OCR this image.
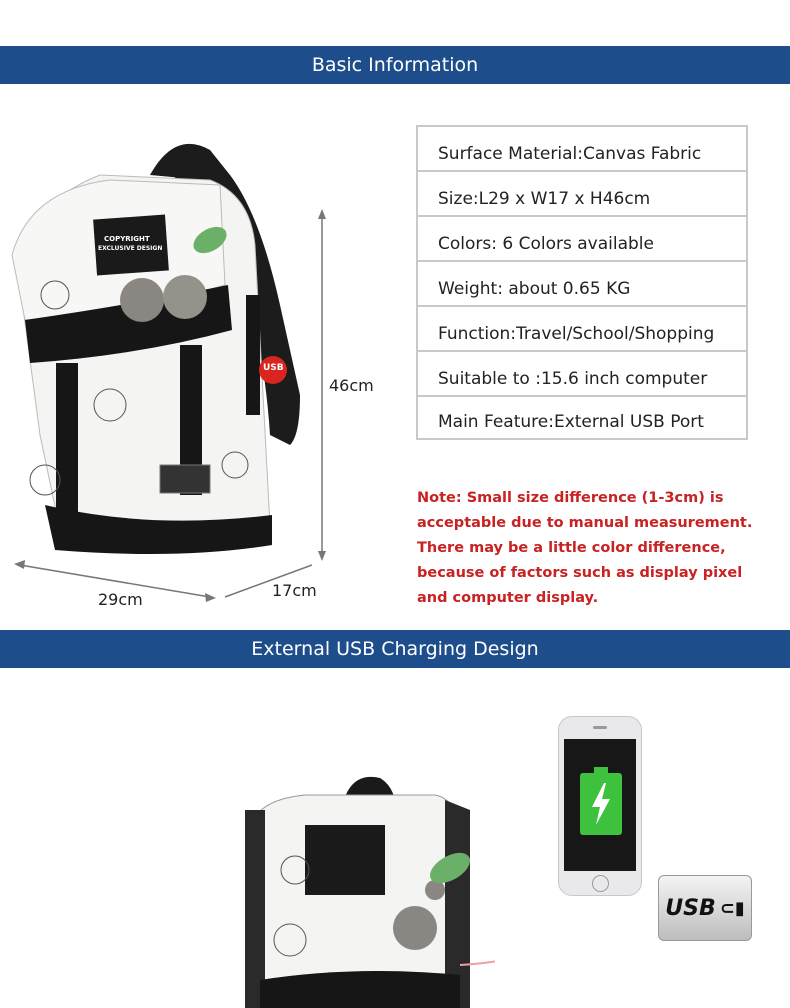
Basic Information
USB
COPYRIGHT
EXCLUSIVE DESIGN
46cm
29cm	17cm
Surface Material:Canvas Fabric
Size:L29 x W17 x H46cm
Colors: 6 Colors available
Weight: about 0.65 KG
Function:Travel/School/Shopping
Suitable to :15.6 inch computer
Main Feature:External USB Port
Note: Small size difference (1-3cm) is acceptable due to manual measurement. There may be a little color difference, because of factors such as display pixel and computer display.
External USB Charging Design
USB ⊂▮
